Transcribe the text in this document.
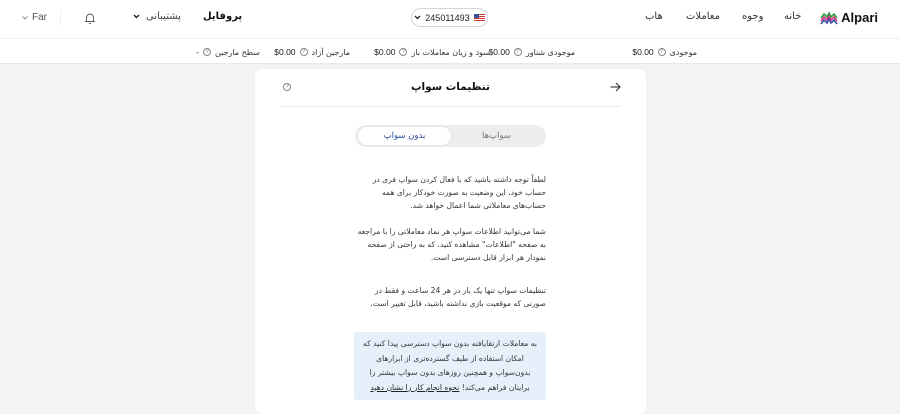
Alpari
خانه
وجوه
معاملات
هاب
245011493
پروفایل
پشتیبانی
Far
موجودی
?
$0.00
موجودی شناور
?
$0.00
سود و زیان معاملات باز
?
$0.00
مارجین آزاد
?
$0.00
سطح مارجین
?
-
تنظیمات سواپ
?
بدون سواپ	سواپ‌ها
لطفاً توجه داشته باشید که با فعال کردن سواپ فری در حساب خود، این وضعیت به صورت خودکار برای همه حساب‌های معاملاتی شما اعمال خواهد شد.
شما می‌توانید اطلاعات سواپ هر نماد معاملاتی را با مراجعه به صفحه "اطلاعات" مشاهده کنید. که به راحتی از صفحه نمودار هر ابزار قابل دسترسی است.
تنظیمات سواپ تنها یک بار در هر 24 ساعت و فقط در صورتی که موقعیت بازی نداشته باشید، قابل تغییر است.
به معاملات ارتقایافته بدون سواپ‌ دسترسی پیدا کنید که امکان استفاده از طیف گسترده‌تری از ابزارهای بدون‌سواپ و همچنین روزهای بدون سواپ بیشتر را برایتان فراهم می‌کند! نحوه انجام کار را نشان دهید
